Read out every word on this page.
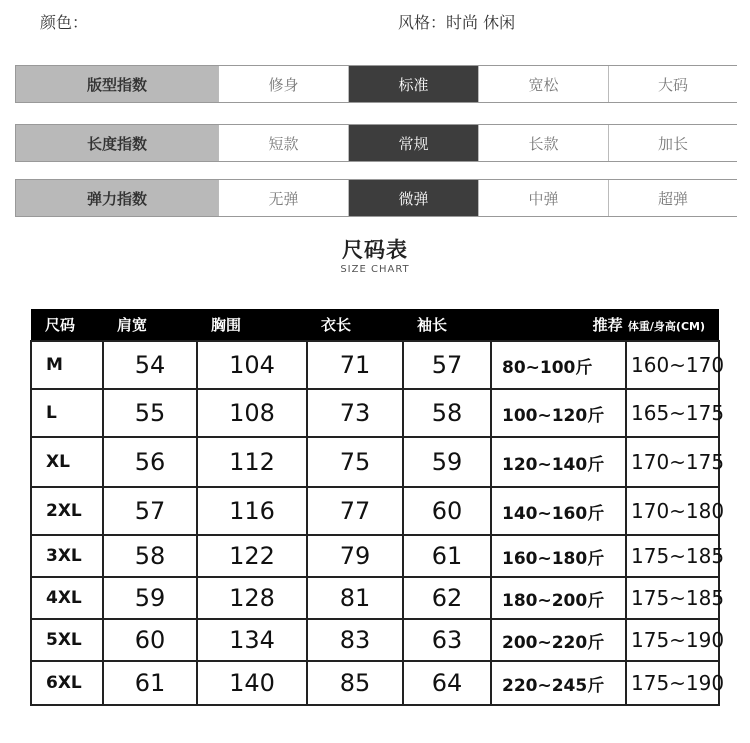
颜色：	风格：时尚 休闲
版型指数	修身	标准	宽松	大码
长度指数	短款	常规	长款	加长
弹力指数	无弹	微弹	中弹	超弹
尺码表
SIZE CHART
尺码	肩宽	胸围	衣长	袖长	推荐 体重/身高(CM)	
M	54	104	71	57	80~100斤	160~170
L	55	108	73	58	100~120斤	165~175
XL	56	112	75	59	120~140斤	170~175
2XL	57	116	77	60	140~160斤	170~180
3XL	58	122	79	61	160~180斤	175~185
4XL	59	128	81	62	180~200斤	175~185
5XL	60	134	83	63	200~220斤	175~190
6XL	61	140	85	64	220~245斤	175~190
